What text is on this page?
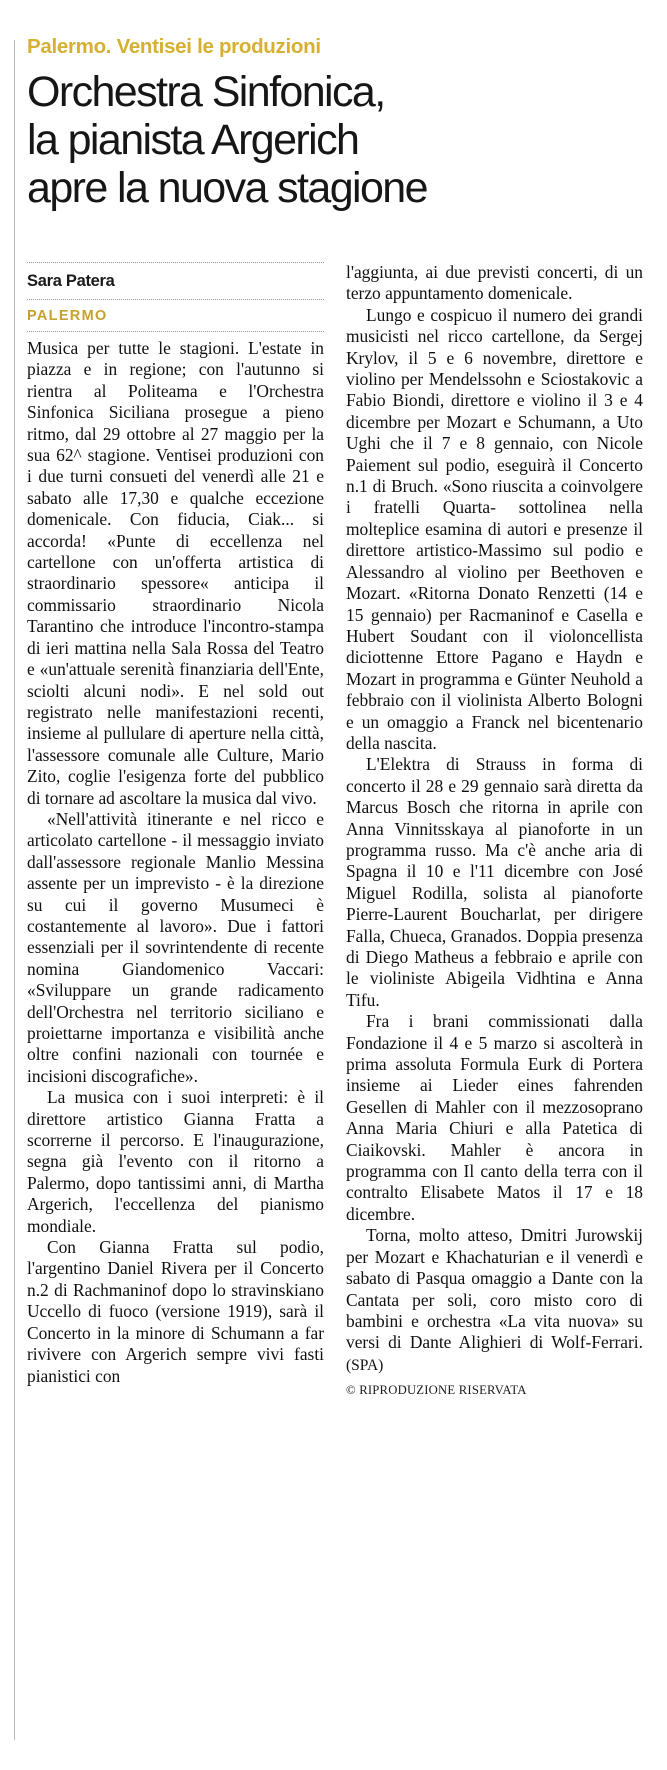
Palermo. Ventisei le produzioni
Orchestra Sinfonica,
la pianista Argerich
apre la nuova stagione
Sara Patera
PALERMO

Musica per tutte le stagioni. L'estate in piazza e in regione; con l'autunno si rientra al Politeama e l'Orchestra Sinfonica Siciliana prosegue a pieno ritmo, dal 29 ottobre al 27 maggio per la sua 62^ stagione. Ventisei produzioni con i due turni consueti del venerdì alle 21 e sabato alle 17,30 e qualche eccezione domenicale. Con fiducia, Ciak... si accorda! «Punte di eccellenza nel cartellone con un'offerta artistica di straordinario spessore« anticipa il commissario straordinario Nicola Tarantino che introduce l'incontro-stampa di ieri mattina nella Sala Rossa del Teatro e «un'attuale serenità finanziaria dell'Ente, sciolti alcuni nodi». E nel sold out registrato nelle manifestazioni recenti, insieme al pullulare di aperture nella città, l'assessore comunale alle Culture, Mario Zito, coglie l'esigenza forte del pubblico di tornare ad ascoltare la musica dal vivo.

«Nell'attività itinerante e nel ricco e articolato cartellone - il messaggio inviato dall'assessore regionale Manlio Messina assente per un imprevisto - è la direzione su cui il governo Musumeci è costantemente al lavoro». Due i fattori essenziali per il sovrintendente di recente nomina Giandomenico Vaccari: «Sviluppare un grande radicamento dell'Orchestra nel territorio siciliano e proiettarne importanza e visibilità anche oltre confini nazionali con tournée e incisioni discografiche».

La musica con i suoi interpreti: è il direttore artistico Gianna Fratta a scorrerne il percorso. E l'inaugurazione, segna già l'evento con il ritorno a Palermo, dopo tantissimi anni, di Martha Argerich, l'eccellenza del pianismo mondiale.

Con Gianna Fratta sul podio, l'argentino Daniel Rivera per il Concerto n.2 di Rachmaninof dopo lo stravinskiano Uccello di fuoco (versione 1919), sarà il Concerto in la minore di Schumann a far rivivere con Argerich sempre vivi fasti pianistici con

l'aggiunta, ai due previsti concerti, di un terzo appuntamento domenicale.

Lungo e cospicuo il numero dei grandi musicisti nel ricco cartellone, da Sergej Krylov, il 5 e 6 novembre, direttore e violino per Mendelssohn e Sciostakovic a Fabio Biondi, direttore e violino il 3 e 4 dicembre per Mozart e Schumann, a Uto Ughi che il 7 e 8 gennaio, con Nicole Paiement sul podio, eseguirà il Concerto n.1 di Bruch. «Sono riuscita a coinvolgere i fratelli Quarta- sottolinea nella molteplice esamina di autori e presenze il direttore artistico-Massimo sul podio e Alessandro al violino per Beethoven e Mozart. «Ritorna Donato Renzetti (14 e 15 gennaio) per Racmaninof e Casella e Hubert Soudant con il violoncellista diciottenne Ettore Pagano e Haydn e Mozart in programma e Günter Neuhold a febbraio con il violinista Alberto Bologni e un omaggio a Franck nel bicentenario della nascita.

L'Elektra di Strauss in forma di concerto il 28 e 29 gennaio sarà diretta da Marcus Bosch che ritorna in aprile con Anna Vinnitsskaya al pianoforte in un programma russo. Ma c'è anche aria di Spagna il 10 e l'11 dicembre con José Miguel Rodilla, solista al pianoforte Pierre-Laurent Boucharlat, per dirigere Falla, Chueca, Granados. Doppia presenza di Diego Matheus a febbraio e aprile con le violiniste Abigeila Vidhtina e Anna Tifu.

Fra i brani commissionati dalla Fondazione il 4 e 5 marzo si ascolterà in prima assoluta Formula Eurk di Portera insieme ai Lieder eines fahrenden Gesellen di Mahler con il mezzosoprano Anna Maria Chiuri e alla Patetica di Ciaikovski. Mahler è ancora in programma con Il canto della terra con il contralto Elisabete Matos il 17 e 18 dicembre.

Torna, molto atteso, Dmitri Jurowskij per Mozart e Khachaturian e il venerdì e sabato di Pasqua omaggio a Dante con la Cantata per soli, coro misto coro di bambini e orchestra «La vita nuova» su versi di Dante Alighieri di Wolf-Ferrari. (SPA)

© RIPRODUZIONE RISERVATA
